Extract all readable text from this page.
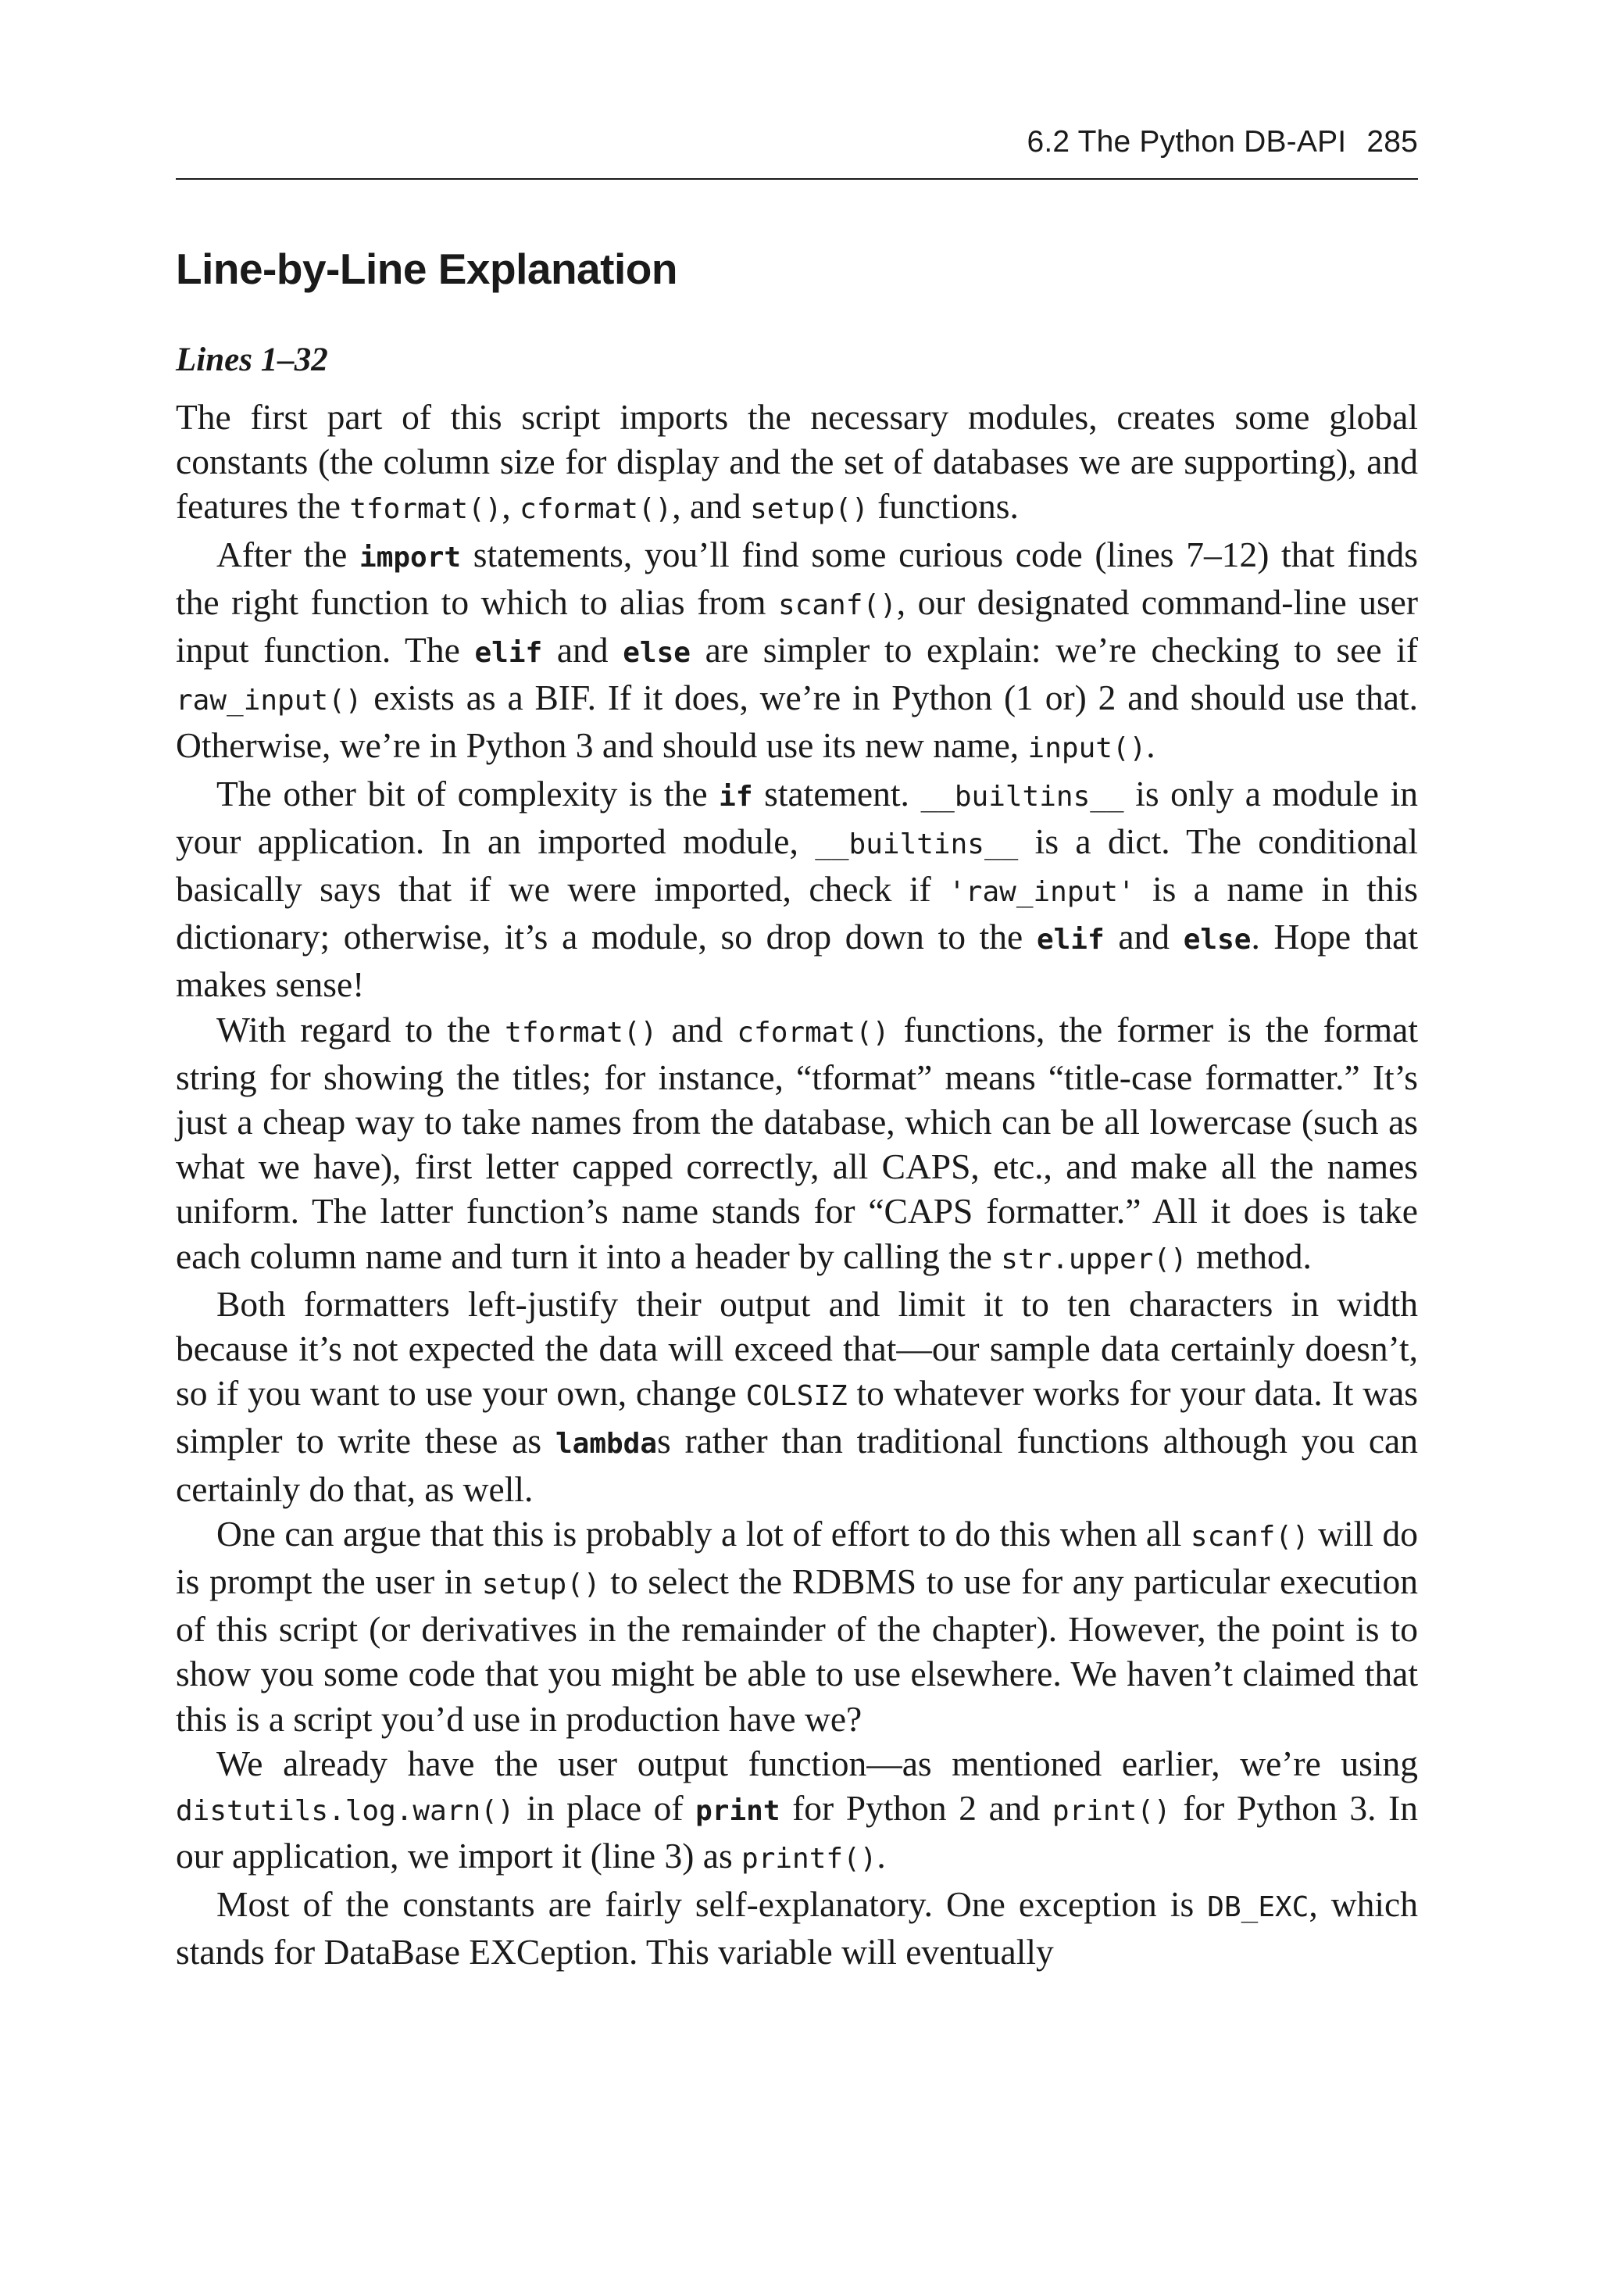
6.2 The Python DB-API 285
Line-by-Line Explanation
Lines 1–32

The first part of this script imports the necessary modules, creates some global constants (the column size for display and the set of databases we are supporting), and features the tformat(), cformat(), and setup() functions.

After the import statements, you’ll find some curious code (lines 7–12) that finds the right function to which to alias from scanf(), our designated command-line user input function. The elif and else are simpler to explain: we’re checking to see if raw_input() exists as a BIF. If it does, we’re in Python (1 or) 2 and should use that. Otherwise, we’re in Python 3 and should use its new name, input().

The other bit of complexity is the if statement. __builtins__ is only a module in your application. In an imported module, __builtins__ is a dict. The conditional basically says that if we were imported, check if 'raw_input' is a name in this dictionary; otherwise, it’s a module, so drop down to the elif and else. Hope that makes sense!

With regard to the tformat() and cformat() functions, the former is the format string for showing the titles; for instance, “tformat” means “title-case formatter.” It’s just a cheap way to take names from the database, which can be all lowercase (such as what we have), first letter capped correctly, all CAPS, etc., and make all the names uniform. The latter function’s name stands for “CAPS formatter.” All it does is take each column name and turn it into a header by calling the str.upper() method.

Both formatters left-justify their output and limit it to ten characters in width because it’s not expected the data will exceed that—our sample data certainly doesn’t, so if you want to use your own, change COLSIZ to whatever works for your data. It was simpler to write these as lambdas rather than traditional functions although you can certainly do that, as well.

One can argue that this is probably a lot of effort to do this when all scanf() will do is prompt the user in setup() to select the RDBMS to use for any particular execution of this script (or derivatives in the remainder of the chapter). However, the point is to show you some code that you might be able to use elsewhere. We haven’t claimed that this is a script you’d use in production have we?

We already have the user output function—as mentioned earlier, we’re using distutils.log.warn() in place of print for Python 2 and print() for Python 3. In our application, we import it (line 3) as printf().

Most of the constants are fairly self-explanatory. One exception is DB_EXC, which stands for DataBase EXCeption. This variable will eventually
